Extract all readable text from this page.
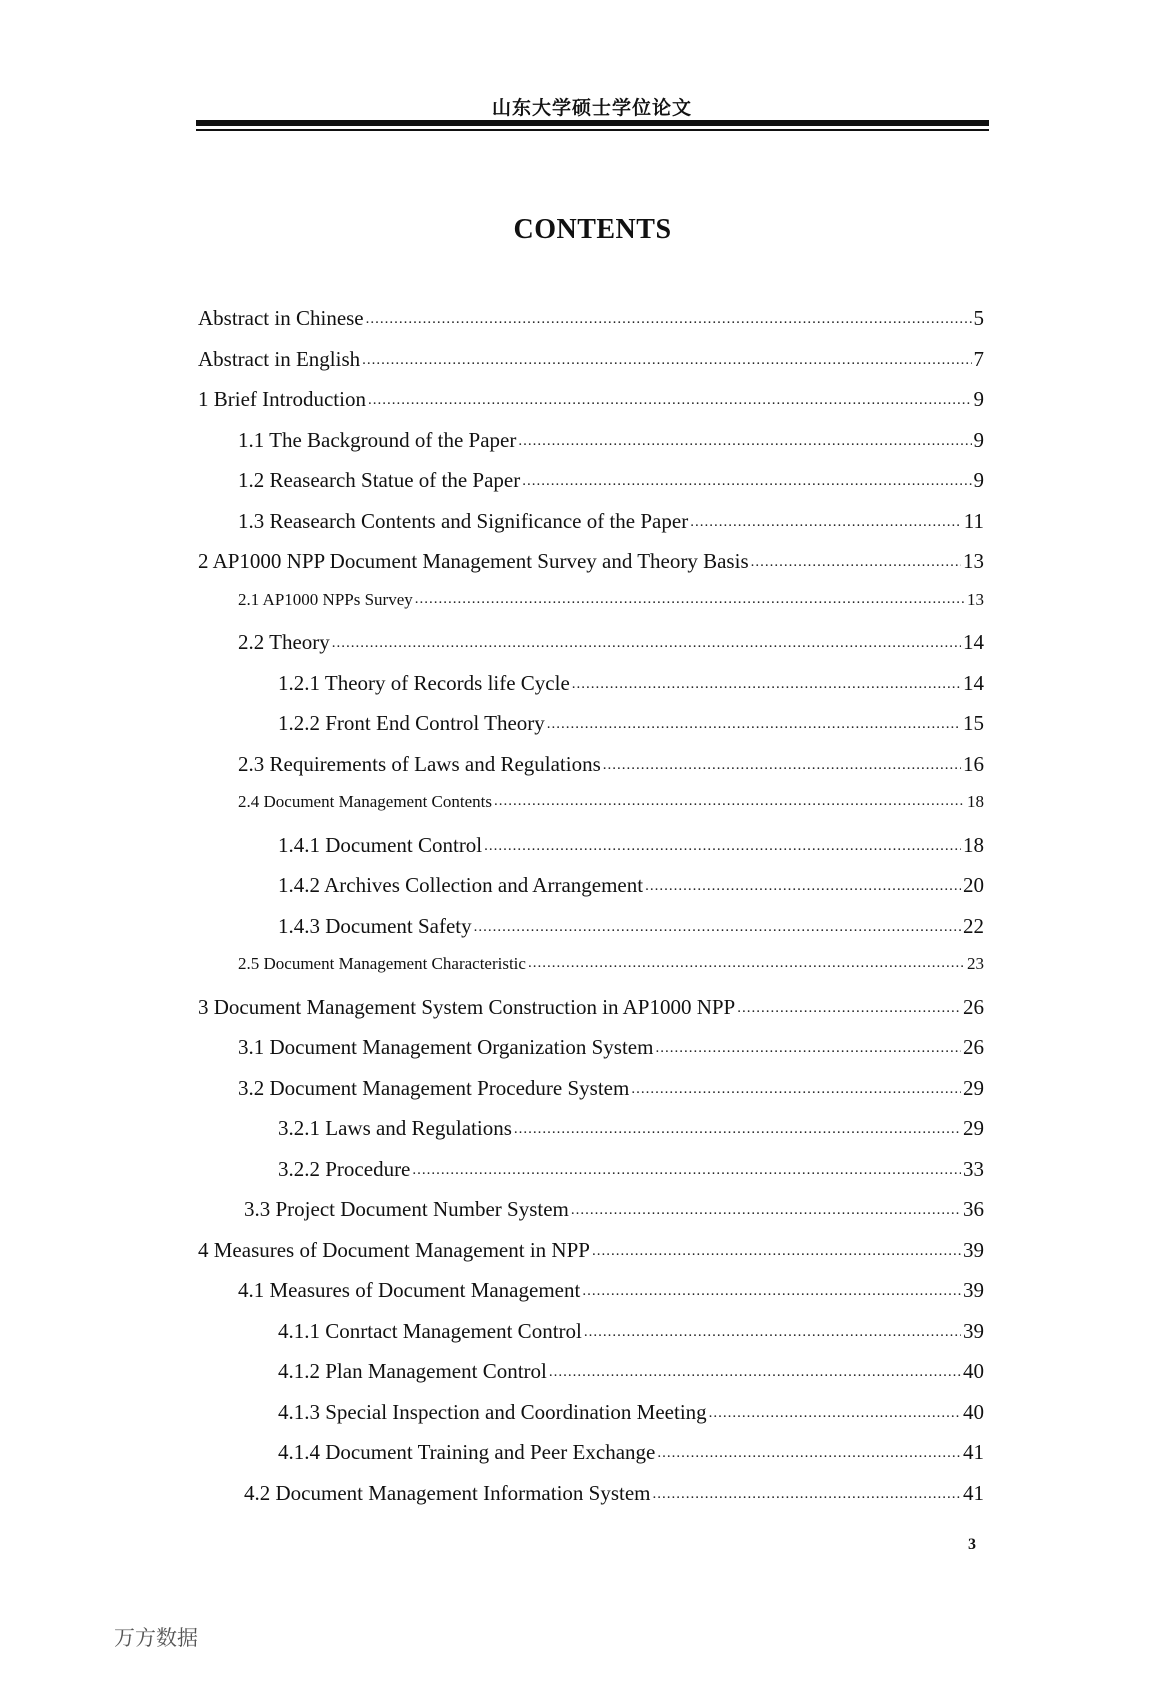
山东大学硕士学位论文
CONTENTS
Abstract in Chinese .....	5
Abstract in English .....	7
1 Brief Introduction .....	9
1.1 The Background of the Paper .....	9
1.2 Reasearch Statue of the Paper .....	9
1.3 Reasearch Contents and Significance of the Paper .....	11
2 AP1000 NPP Document Management Survey and Theory Basis .....	13
2.1 AP1000 NPPs Survey .....	13
2.2 Theory .....	14
1.2.1 Theory of Records life Cycle .....	14
1.2.2 Front End Control Theory .....	15
2.3 Requirements of Laws and Regulations .....	16
2.4 Document Management Contents .....	18
1.4.1 Document Control .....	18
1.4.2 Archives Collection and Arrangement .....	20
1.4.3 Document Safety .....	22
2.5 Document Management Characteristic .....	23
3 Document Management System Construction in AP1000 NPP .....	26
3.1 Document Management Organization System .....	26
3.2 Document Management Procedure System .....	29
3.2.1 Laws and Regulations .....	29
3.2.2 Procedure .....	33
3.3 Project Document Number System .....	36
4 Measures of Document Management in NPP .....	39
4.1 Measures of Document Management .....	39
4.1.1 Conrtact Management Control .....	39
4.1.2 Plan Management Control .....	40
4.1.3 Special Inspection and Coordination Meeting .....	40
4.1.4 Document Training and Peer Exchange .....	41
4.2 Document Management Information System .....	41
3
万方数据
